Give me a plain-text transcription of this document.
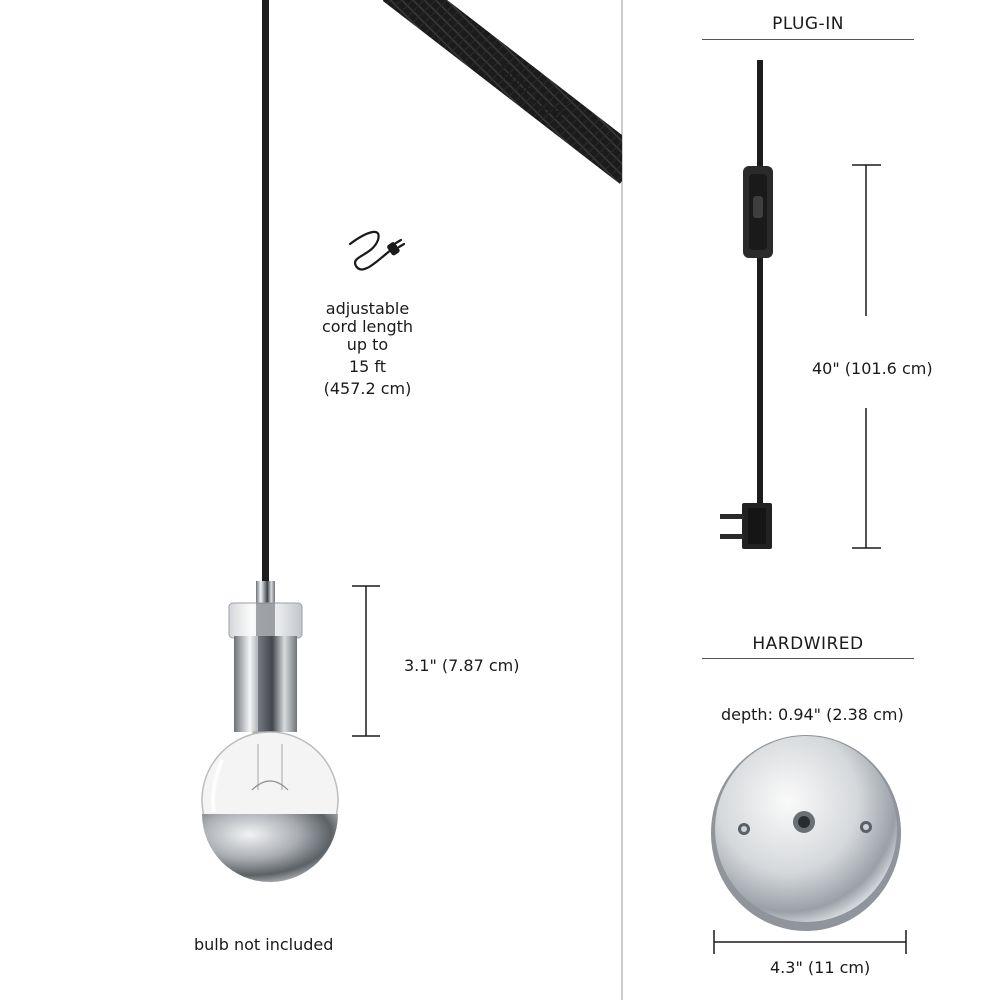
fabric cord
adjustable
cord length
up to
15 ft
(457.2 cm)
3.1" (7.87 cm)
bulb not included
PLUG-IN
40" (101.6 cm)
HARDWIRED
depth: 0.94" (2.38 cm)
4.3" (11 cm)
